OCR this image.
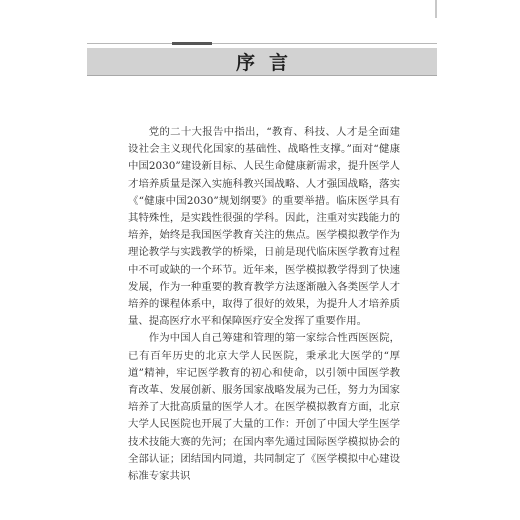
序言

党的二十大报告中指出，“教育、科技、人才是全面建设社会主义现代化国家的基础性、战略性支撑。”面对“健康中国2030”建设新目标、人民生命健康新需求，提升医学人才培养质量是深入实施科教兴国战略、人才强国战略，落实《“健康中国2030”规划纲要》的重要举措。临床医学具有其特殊性，是实践性很强的学科。因此，注重对实践能力的培养，始终是我国医学教育关注的焦点。医学模拟教学作为理论教学与实践教学的桥梁，日前是现代临床医学教育过程中不可或缺的一个环节。近年来，医学模拟教学得到了快速发展，作为一种重要的教育教学方法逐渐融入各类医学人才培养的课程体系中，取得了很好的效果，为提升人才培养质量、提高医疗水平和保障医疗安全发挥了重要作用。

作为中国人自己筹建和管理的第一家综合性西医医院，已有百年历史的北京大学人民医院，秉承北大医学的“厚道”精神，牢记医学教育的初心和使命，以引领中国医学教育改革、发展创新、服务国家战略发展为己任，努力为国家培养了大批高质量的医学人才。在医学模拟教育方面，北京大学人民医院也开展了大量的工作：开创了中国大学生医学技术技能大赛的先河；在国内率先通过国际医学模拟协会的全部认证；团结国内同道，共同制定了《医学模拟中心建设标准专家共识
